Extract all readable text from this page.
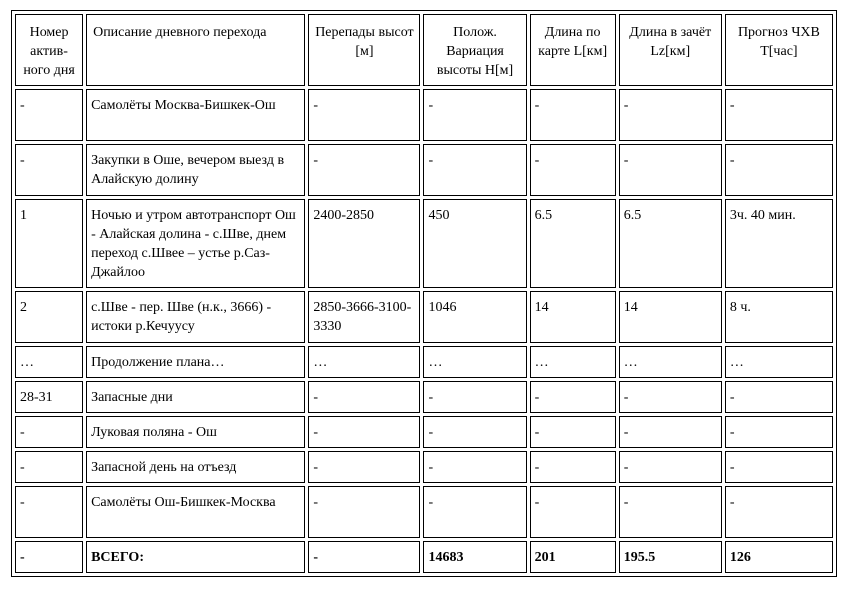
Номер актив-ного дня	Описание дневного перехода	Перепады высот [м]	Полож. Вариация высоты H[м]	Длина по карте L[км]	Длина в зачёт Lz[км]	Прогноз ЧХВ T[час]
-	Самолёты Москва-Бишкек-Ош	-	-	-	-	-
-	Закупки в Оше, вечером выезд в Алайскую долину	-	-	-	-	-
1	Ночью и утром автотранспорт Ош - Алайская долина - с.Шве, днем переход с.Швее – устье р.Саз-Джайлоо	2400-2850	450	6.5	6.5	3ч. 40 мин.
2	с.Шве - пер. Шве (н.к., 3666) - истоки р.Кечуусу	2850-3666-3100-3330	1046	14	14	8 ч.
…	Продолжение плана…	…	…	…	…	…
28-31	Запасные дни	-	-	-	-	-
-	Луковая поляна - Ош	-	-	-	-	-
-	Запасной день на отъезд	-	-	-	-	-
-	Самолёты Ош-Бишкек-Москва	-	-	-	-	-
-	ВСЕГО:	-	14683	201	195.5	126
